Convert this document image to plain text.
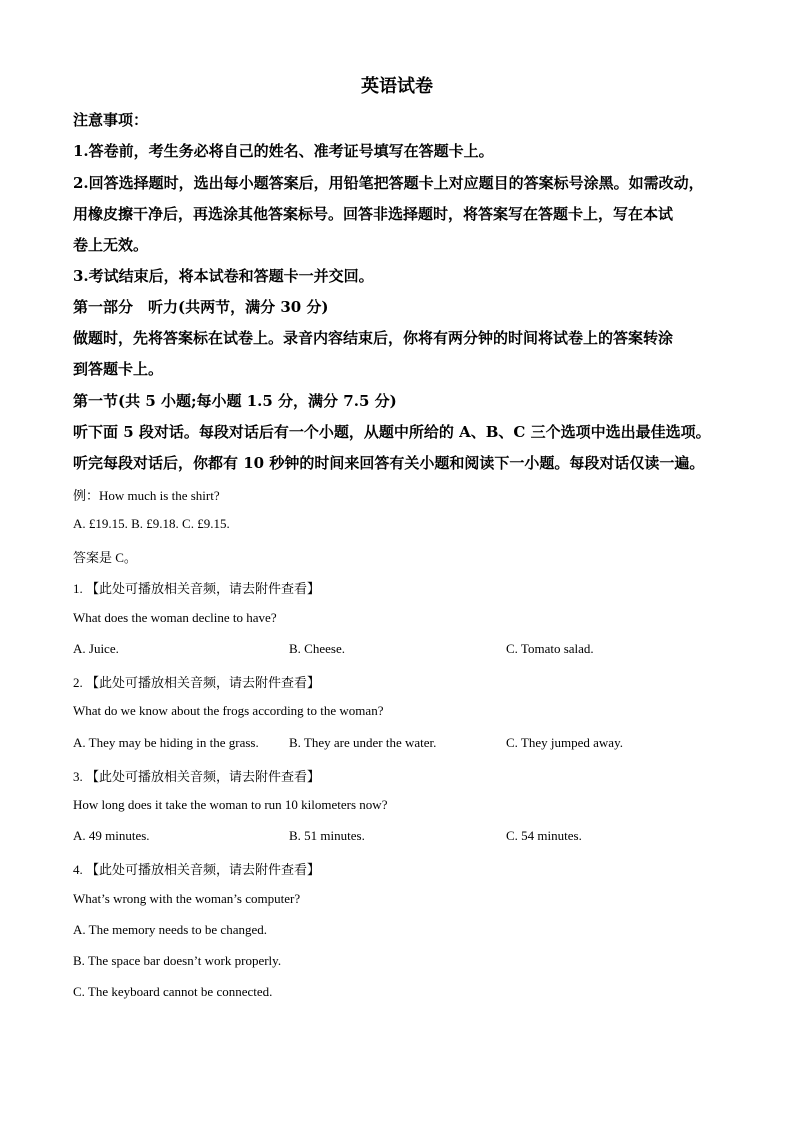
英语试卷
注意事项：
1.答卷前，考生务必将自己的姓名、准考证号填写在答题卡上。
2.回答选择题时，选出每小题答案后，用铅笔把答题卡上对应题目的答案标号涂黑。如需改动，
用橡皮擦干净后，再选涂其他答案标号。回答非选择题时，将答案写在答题卡上，写在本试
卷上无效。
3.考试结束后，将本试卷和答题卡一并交回。
第一部分　听力(共两节，满分 30 分)
做题时，先将答案标在试卷上。录音内容结束后，你将有两分钟的时间将试卷上的答案转涂
到答题卡上。
第一节(共 5 小题;每小题 1.5 分，满分 7.5 分)
听下面 5 段对话。每段对话后有一个小题，从题中所给的 A、B、C 三个选项中选出最佳选项。
听完每段对话后，你都有 10 秒钟的时间来回答有关小题和阅读下一小题。每段对话仅读一遍。
例：How much is the shirt?
A. £19.15. B. £9.18. C. £9.15.
答案是 C。
1. 【此处可播放相关音频，请去附件查看】
What does the woman decline to have?
A. Juice.	B. Cheese.	C. Tomato salad.
2. 【此处可播放相关音频，请去附件查看】
What do we know about the frogs according to the woman?
A. They may be hiding in the grass. B. They are under the water.	C. They jumped away.
3. 【此处可播放相关音频，请去附件查看】
How long does it take the woman to run 10 kilometers now?
A. 49 minutes.	B. 51 minutes.	C. 54 minutes.
4. 【此处可播放相关音频，请去附件查看】
What’s wrong with the woman’s computer?
A. The memory needs to be changed.
B. The space bar doesn’t work properly.
C. The keyboard cannot be connected.
